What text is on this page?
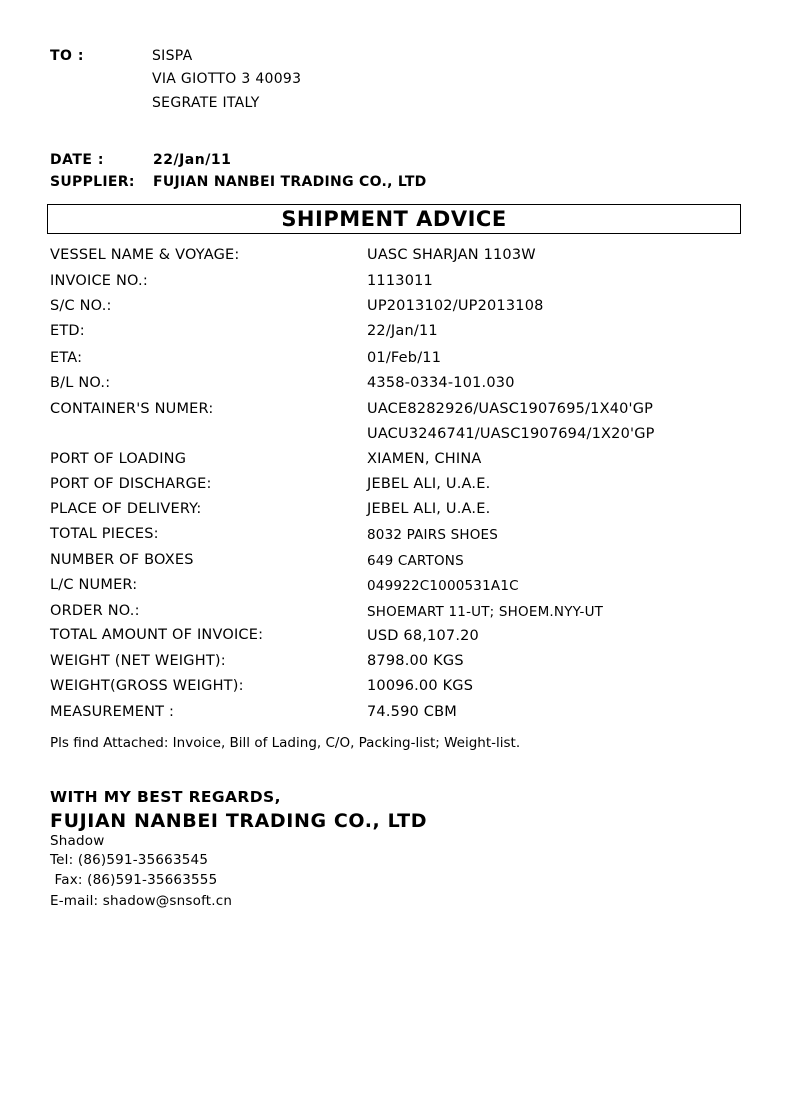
TO :	SISPA
VIA GIOTTO 3 40093
SEGRATE ITALY
DATE :	22/Jan/11
SUPPLIER: FUJIAN NANBEI TRADING CO., LTD
SHIPMENT ADVICE
VESSEL NAME & VOYAGE:	UASC SHARJAN 1103W
INVOICE NO.:	1113011
S/C NO.:	UP2013102/UP2013108
ETD:	22/Jan/11
ETA:	01/Feb/11
B/L NO.:	4358-0334-101.030
CONTAINER'S NUMER:	UACE8282926/UASC1907695/1X40'GP
UACU3246741/UASC1907694/1X20'GP
PORT OF LOADING	XIAMEN, CHINA
PORT OF DISCHARGE:	JEBEL ALI, U.A.E.
PLACE OF DELIVERY:	JEBEL ALI, U.A.E.
TOTAL PIECES:	8032 PAIRS SHOES
NUMBER OF BOXES	649 CARTONS
L/C NUMER:	049922C1000531A1C
ORDER NO.:	SHOEMART 11-UT; SHOEM.NYY-UT
TOTAL AMOUNT OF INVOICE:	USD 68,107.20
WEIGHT (NET WEIGHT):	8798.00 KGS
WEIGHT(GROSS WEIGHT):	10096.00 KGS
MEASUREMENT :	74.590 CBM
Pls find Attached: Invoice, Bill of Lading, C/O, Packing-list; Weight-list.
WITH MY BEST REGARDS,
FUJIAN NANBEI TRADING CO., LTD
Shadow
Tel: (86)591-35663545
Fax: (86)591-35663555
E-mail: shadow@snsoft.cn
